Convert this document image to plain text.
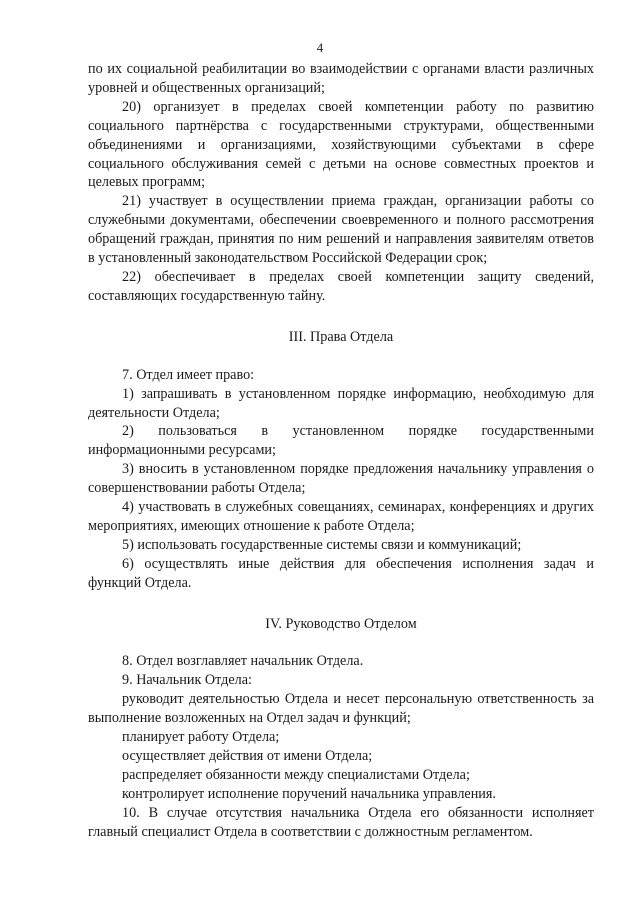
4

по их социальной реабилитации во взаимодействии с органами власти различных уровней и общественных организаций;

20) организует в пределах своей компетенции работу по развитию социального партнёрства с государственными структурами, общественными объединениями и организациями, хозяйствующими субъектами в сфере социального обслуживания семей с детьми на основе совместных проектов и целевых программ;

21) участвует в осуществлении приема граждан, организации работы со служебными документами, обеспечении своевременного и полного рассмотрения обращений граждан, принятия по ним решений и направления заявителям ответов в установленный законодательством Российской Федерации срок;

22) обеспечивает в пределах своей компетенции защиту сведений, составляющих государственную тайну.

III. Права Отдела

7. Отдел имеет право:

1) запрашивать в установленном порядке информацию, необходимую для деятельности Отдела;

2) пользоваться в установленном порядке государственными информационными ресурсами;

3) вносить в установленном порядке предложения начальнику управления о совершенствовании работы Отдела;

4) участвовать в служебных совещаниях, семинарах, конференциях и других мероприятиях, имеющих отношение к работе Отдела;

5) использовать государственные системы связи и коммуникаций;

6) осуществлять иные действия для обеспечения исполнения задач и функций Отдела.

IV. Руководство Отделом

8. Отдел возглавляет начальник Отдела.

9. Начальник Отдела:

руководит деятельностью Отдела и несет персональную ответственность за выполнение возложенных на Отдел задач и функций;

планирует работу Отдела;

осуществляет действия от имени Отдела;

распределяет обязанности между специалистами Отдела;

контролирует исполнение поручений начальника управления.

10. В случае отсутствия начальника Отдела его обязанности исполняет главный специалист Отдела в соответствии с должностным регламентом.
